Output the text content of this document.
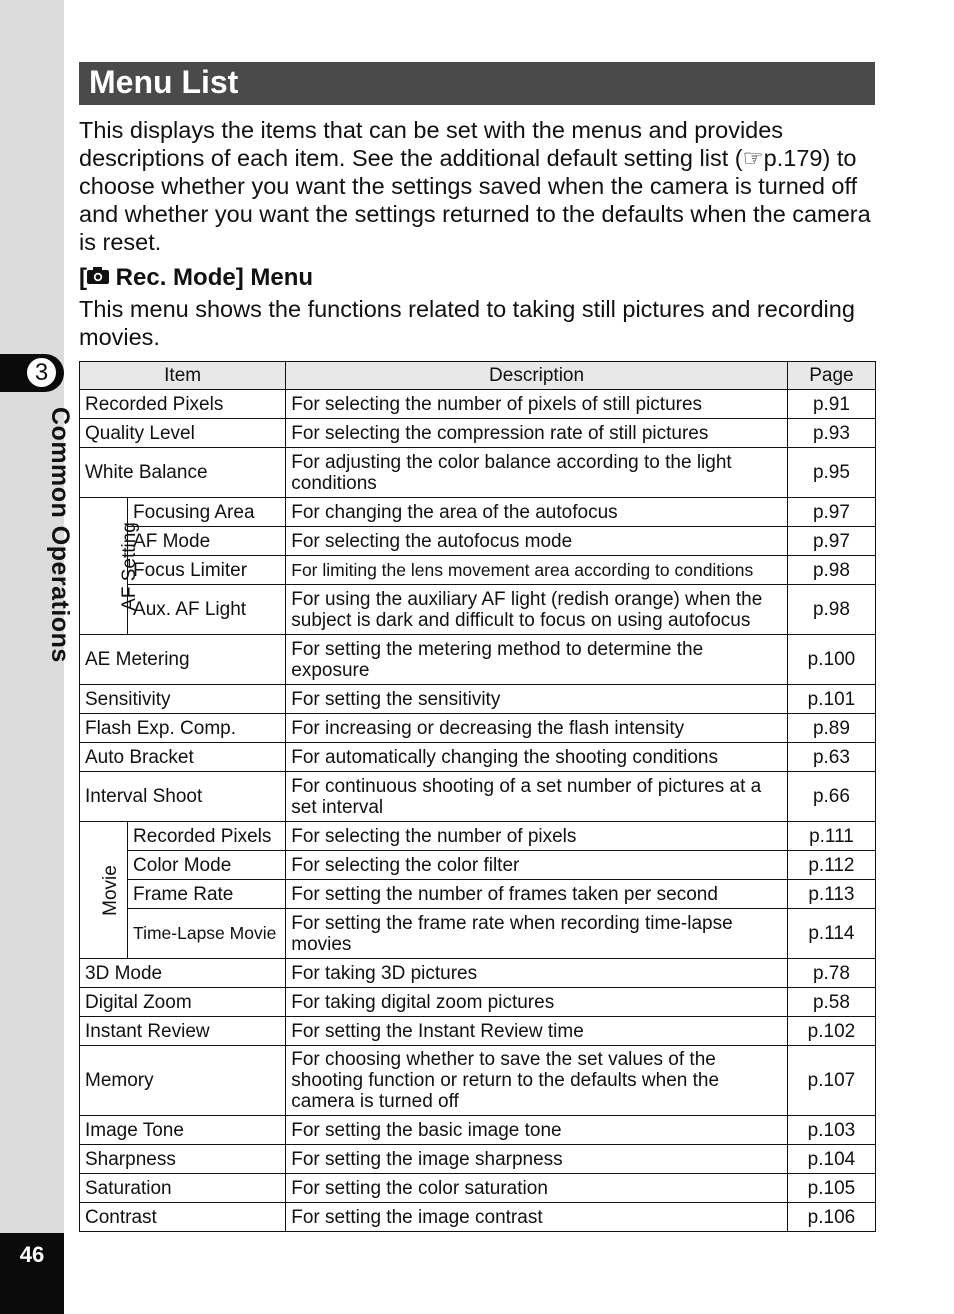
3
Common Operations
46
Menu List

This displays the items that can be set with the menus and provides descriptions of each item. See the additional default setting list (☞p.179) to choose whether you want the settings saved when the camera is turned off and whether you want the settings returned to the defaults when the camera is reset.

[ Rec. Mode] Menu

This menu shows the functions related to taking still pictures and recording movies.

Item		Description	Page
Recorded Pixels		For selecting the number of pixels of still pictures	p.91
Quality Level		For selecting the compression rate of still pictures	p.93
White Balance		For adjusting the color balance according to the light conditions	p.95
AF Setting	Focusing Area	For changing the area of the autofocus	p.97
	AF Mode	For selecting the autofocus mode	p.97
	Focus Limiter	For limiting the lens movement area according to conditions	p.98
	Aux. AF Light	For using the auxiliary AF light (redish orange) when the subject is dark and difficult to focus on using autofocus	p.98
AE Metering		For setting the metering method to determine the exposure	p.100
Sensitivity		For setting the sensitivity	p.101
Flash Exp. Comp.		For increasing or decreasing the flash intensity	p.89
Auto Bracket		For automatically changing the shooting conditions	p.63
Interval Shoot		For continuous shooting of a set number of pictures at a set interval	p.66
Movie	Recorded Pixels	For selecting the number of pixels	p.111
	Color Mode	For selecting the color filter	p.112
	Frame Rate	For setting the number of frames taken per second	p.113
	Time-Lapse Movie	For setting the frame rate when recording time-lapse movies	p.114
3D Mode		For taking 3D pictures	p.78
Digital Zoom		For taking digital zoom pictures	p.58
Instant Review		For setting the Instant Review time	p.102
Memory		For choosing whether to save the set values of the shooting function or return to the defaults when the camera is turned off	p.107
Image Tone		For setting the basic image tone	p.103
Sharpness		For setting the image sharpness	p.104
Saturation		For setting the color saturation	p.105
Contrast		For setting the image contrast	p.106
